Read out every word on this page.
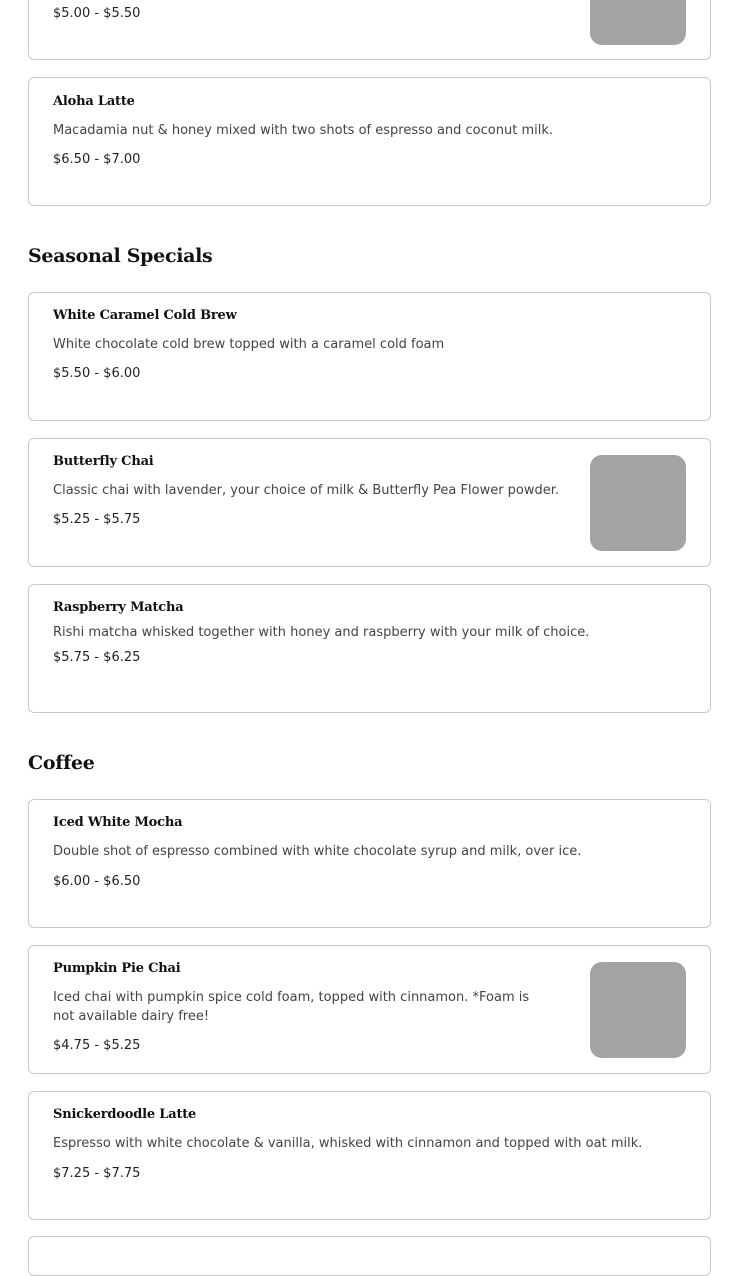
$5.00 - $5.50
Aloha Latte
Macadamia nut & honey mixed with two shots of espresso and coconut milk.
$6.50 - $7.00
Seasonal Specials
White Caramel Cold Brew
White chocolate cold brew topped with a caramel cold foam
$5.50 - $6.00
Butterfly Chai
Classic chai with lavender, your choice of milk & Butterfly Pea Flower powder.
$5.25 - $5.75
Raspberry Matcha
Rishi matcha whisked together with honey and raspberry with your milk of choice.
$5.75 - $6.25
Coffee
Iced White Mocha
Double shot of espresso combined with white chocolate syrup and milk, over ice.
$6.00 - $6.50
Pumpkin Pie Chai
Iced chai with pumpkin spice cold foam, topped with cinnamon. *Foam is not available dairy free!
$4.75 - $5.25
Snickerdoodle Latte
Espresso with white chocolate & vanilla, whisked with cinnamon and topped with oat milk.
$7.25 - $7.75
